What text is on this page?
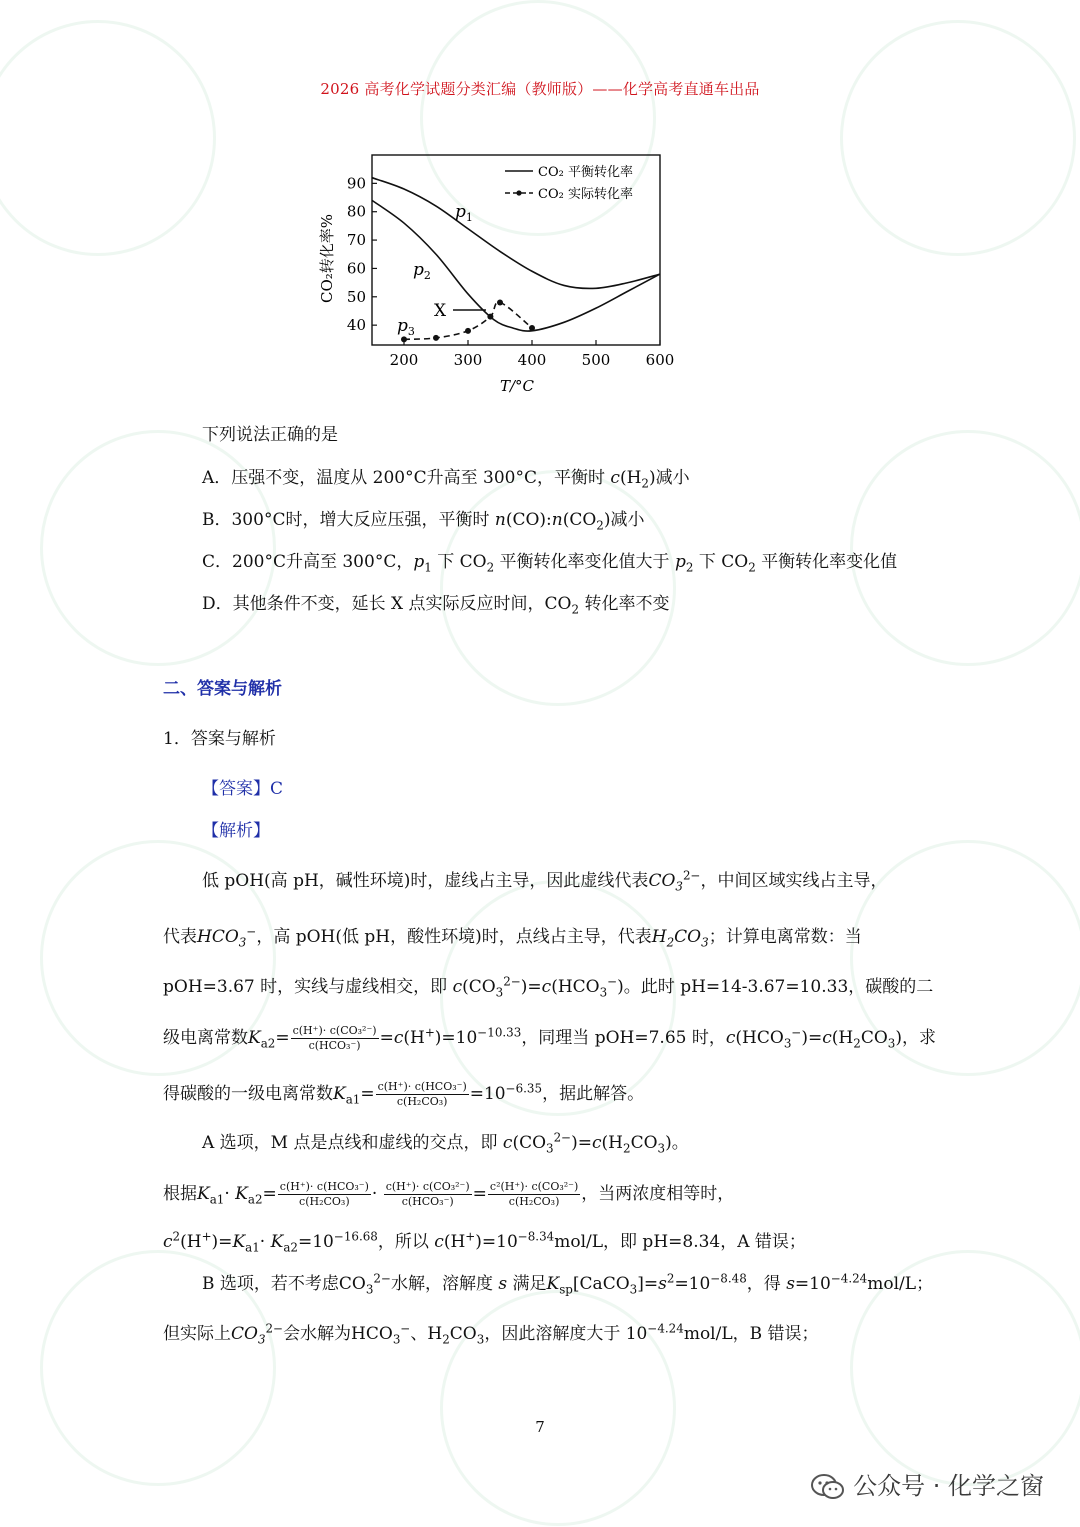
2026 高考化学试题分类汇编（教师版）——化学高考直通车出品
40
50
60
70
80
90
200 300 400 500 600
CO₂ 平衡转化率
CO₂ 实际转化率
$p_1$
$p_2$
$p_3$
X
CO₂转化率%
T/°C
下列说法正确的是
A．压强不变，温度从 200°C升高至 300°C，平衡时 $c(H_2)$减小
B．300°C时，增大反应压强，平衡时 $n(CO):n(CO_2)$减小
C．200°C升高至 300°C，$p_1$ 下 $CO_2$ 平衡转化率变化值大于 $p_2$ 下 $CO_2$ 平衡转化率变化值
D．其他条件不变，延长 X 点实际反应时间，$CO_2$ 转化率不变
二、答案与解析
1．答案与解析
【答案】C
【解析】
低 pOH(高 pH，碱性环境)时，虚线占主导，因此虚线代表$CO_3^{2-}$，中间区域实线占主导，
代表$HCO_3^-$，高 pOH(低 pH，酸性环境)时，点线占主导，代表$H_2CO_3$；计算电离常数：当
pOH=3.67 时，实线与虚线相交，即 $c(CO_3^{2-})=c(HCO_3^-)$。此时 pH=14-3.67=10.33，碳酸的二
级电离常数$K_{a2}= \frac{\text{c(H⁺)· c(CO₃²⁻)}}{\text{c(HCO₃⁻)}} =c(H^+)=10^{-10.33}$，同理当 pOH=7.65 时，$c(HCO_3^-)=c(H_2CO_3)$，求
得碳酸的一级电离常数$K_{a1}= \frac{\text{c(H⁺)· c(HCO₃⁻)}}{\text{c(H₂CO₃)}} =10^{-6.35}$，据此解答。
A 选项，M 点是点线和虚线的交点，即 $c(CO_3^{2-})=c(H_2CO_3)$。
根据$K_{a1}\cdot K_{a2}= \frac{\text{c(H⁺)· c(HCO₃⁻)}}{\text{c(H₂CO₃)}} \cdot \frac{\text{c(H⁺)· c(CO₃²⁻)}}{\text{c(HCO₃⁻)}} = \frac{\text{c²(H⁺)· c(CO₃²⁻)}}{\text{c(H₂CO₃)}}$ ，当两浓度相等时，
$c^2(H^+)=K_{a1}\cdot K_{a2}=10^{-16.68}$，所以 $c(H^+)=10^{-8.34}mol/L$，即 pH=8.34，A 错误；
B 选项，若不考虑$CO_3^{2-}$水解，溶解度 s 满足$K_{sp}[CaCO_3]=s^2=10^{-8.48}$，得 $s=10^{-4.24}mol/L$；
但实际上$CO_3^{2-}$会水解为$HCO_3^-$、$H_2CO_3$，因此溶解度大于 $10^{-4.24}mol/L$，B 错误；
7
公众号 · 化学之窗
